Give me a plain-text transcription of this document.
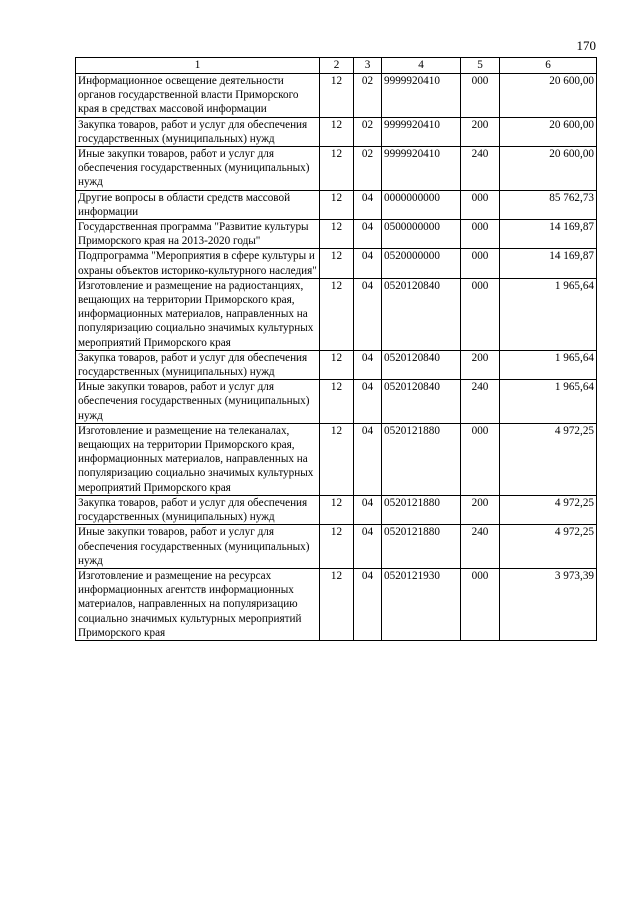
170
1	2	3	4	5	6
Информационное освещение деятельности органов государственной власти Приморского края в средствах массовой информации	12	02	9999920410	000	20 600,00
Закупка товаров, работ и услуг для обеспечения государственных (муниципальных) нужд	12	02	9999920410	200	20 600,00
Иные закупки товаров, работ и услуг для обеспечения государственных (муниципальных) нужд	12	02	9999920410	240	20 600,00
Другие вопросы в области средств массовой информации	12	04	0000000000	000	85 762,73
Государственная программа "Развитие культуры Приморского края на 2013-2020 годы"	12	04	0500000000	000	14 169,87
Подпрограмма "Мероприятия в сфере культуры и охраны объектов историко-культурного наследия"	12	04	0520000000	000	14 169,87
Изготовление и размещение на радиостанциях, вещающих на территории Приморского края, информационных материалов, направленных на популяризацию социально значимых культурных мероприятий Приморского края	12	04	0520120840	000	1 965,64
Закупка товаров, работ и услуг для обеспечения государственных (муниципальных) нужд	12	04	0520120840	200	1 965,64
Иные закупки товаров, работ и услуг для обеспечения государственных (муниципальных) нужд	12	04	0520120840	240	1 965,64
Изготовление и размещение на телеканалах, вещающих на территории Приморского края, информационных материалов, направленных на популяризацию социально значимых культурных мероприятий Приморского края	12	04	0520121880	000	4 972,25
Закупка товаров, работ и услуг для обеспечения государственных (муниципальных) нужд	12	04	0520121880	200	4 972,25
Иные закупки товаров, работ и услуг для обеспечения государственных (муниципальных) нужд	12	04	0520121880	240	4 972,25
Изготовление и размещение на ресурсах информационных агентств информационных материалов, направленных на популяризацию социально значимых культурных мероприятий Приморского края	12	04	0520121930	000	3 973,39
